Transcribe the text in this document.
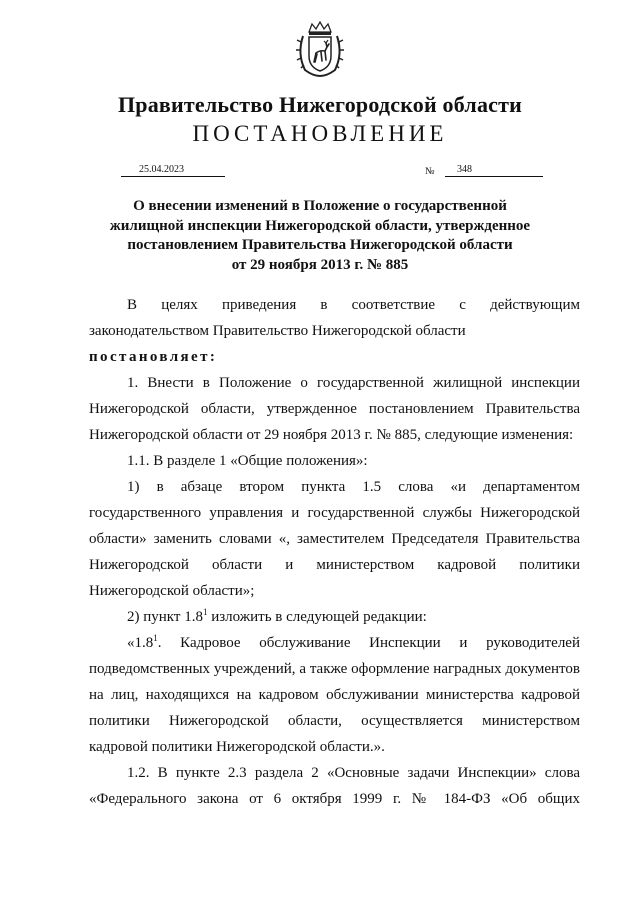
Правительство Нижегородской области
ПОСТАНОВЛЕНИЕ
25.04.2023	№	348
О внесении изменений в Положение о государственной
жилищной инспекции Нижегородской области, утвержденное
постановлением Правительства Нижегородской области
от 29 ноября 2013 г. № 885

В целях приведения в соответствие с действующим законодательством Правительство Нижегородской области

постановляет:

1. Внести в Положение о государственной жилищной инспекции Нижегородской области, утвержденное постановлением Правительства Нижегородской области от 29 ноября 2013 г. № 885, следующие изменения:

1.1. В разделе 1 «Общие положения»:

1) в абзаце втором пункта 1.5 слова «и департаментом государственного управления и государственной службы Нижегородской области» заменить словами «, заместителем Председателя Правительства Нижегородской области и министерством кадровой политики Нижегородской области»;

2) пункт $1.8^1$ изложить в следующей редакции:

«$1.8^1$. Кадровое обслуживание Инспекции и руководителей подведомственных учреждений, а также оформление наградных документов на лиц, находящихся на кадровом обслуживании министерства кадровой политики Нижегородской области, осуществляется министерством кадровой политики Нижегородской области.».

1.2. В пункте 2.3 раздела 2 «Основные задачи Инспекции» слова «Федерального закона от 6 октября 1999 г. № 184-ФЗ «Об общих
